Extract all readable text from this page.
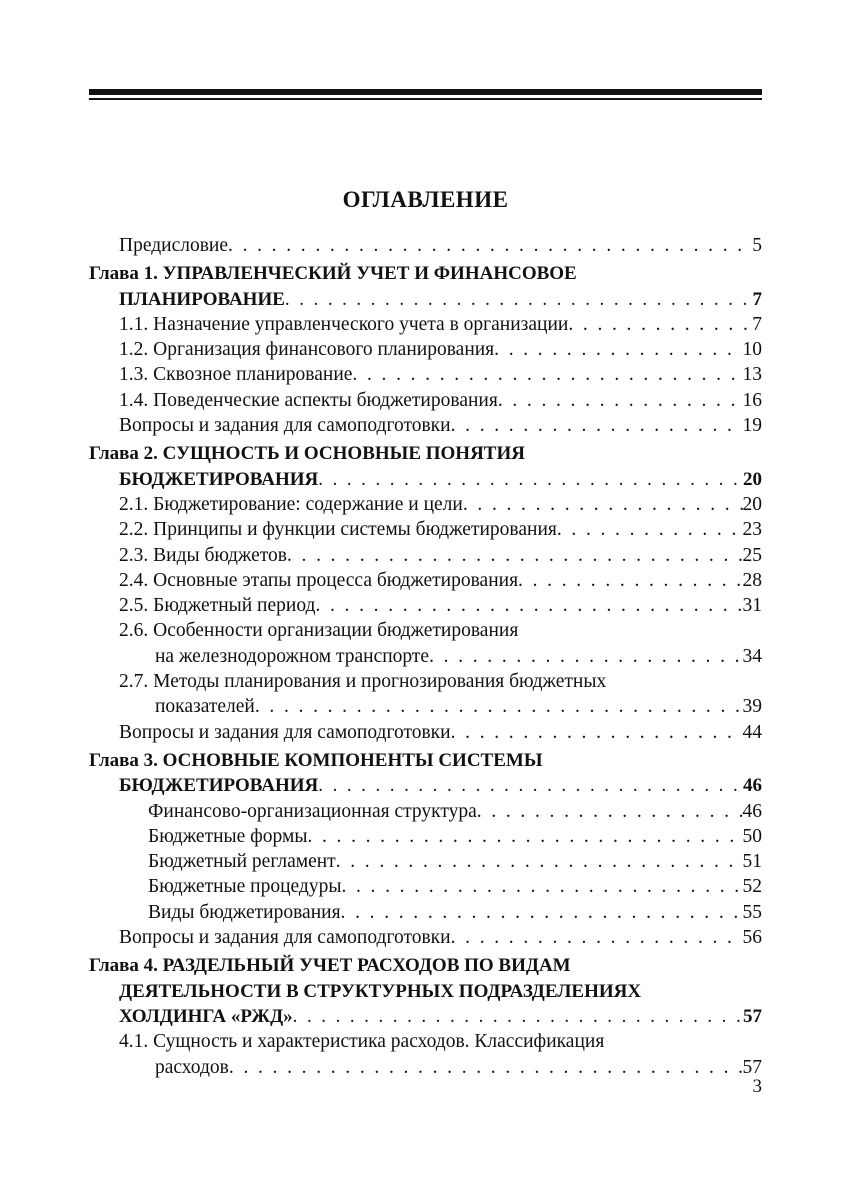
ОГЛАВЛЕНИЕ
Предисловие . . .	5
Глава 1. УПРАВЛЕНЧЕСКИЙ УЧЕТ И ФИНАНСОВОЕ
ПЛАНИРОВАНИЕ . . .	7
1.1. Назначение управленческого учета в организации . . .	7
1.2. Организация финансового планирования . . .	10
1.3. Сквозное планирование . . .	13
1.4. Поведенческие аспекты бюджетирования . . .	16
Вопросы и задания для самоподготовки . . .	19
Глава 2. СУЩНОСТЬ И ОСНОВНЫЕ ПОНЯТИЯ
БЮДЖЕТИРОВАНИЯ . . .	20
2.1. Бюджетирование: содержание и цели . . .	20
2.2. Принципы и функции системы бюджетирования . . .	23
2.3. Виды бюджетов . . .	25
2.4. Основные этапы процесса бюджетирования . . .	28
2.5. Бюджетный период . . .	31
2.6. Особенности организации бюджетирования
на железнодорожном транспорте . . .	34
2.7. Методы планирования и прогнозирования бюджетных
показателей . . .	39
Вопросы и задания для самоподготовки . . .	44
Глава 3. ОСНОВНЫЕ КОМПОНЕНТЫ СИСТЕМЫ
БЮДЖЕТИРОВАНИЯ . . .	46
Финансово-организационная структура . . .	46
Бюджетные формы . . .	50
Бюджетный регламент . . .	51
Бюджетные процедуры . . .	52
Виды бюджетирования . . .	55
Вопросы и задания для самоподготовки . . .	56
Глава 4. РАЗДЕЛЬНЫЙ УЧЕТ РАСХОДОВ ПО ВИДАМ
ДЕЯТЕЛЬНОСТИ В СТРУКТУРНЫХ ПОДРАЗДЕЛЕНИЯХ
ХОЛДИНГА «РЖД» . . .	57
4.1. Сущность и характеристика расходов. Классификация
расходов . . .	57
3
